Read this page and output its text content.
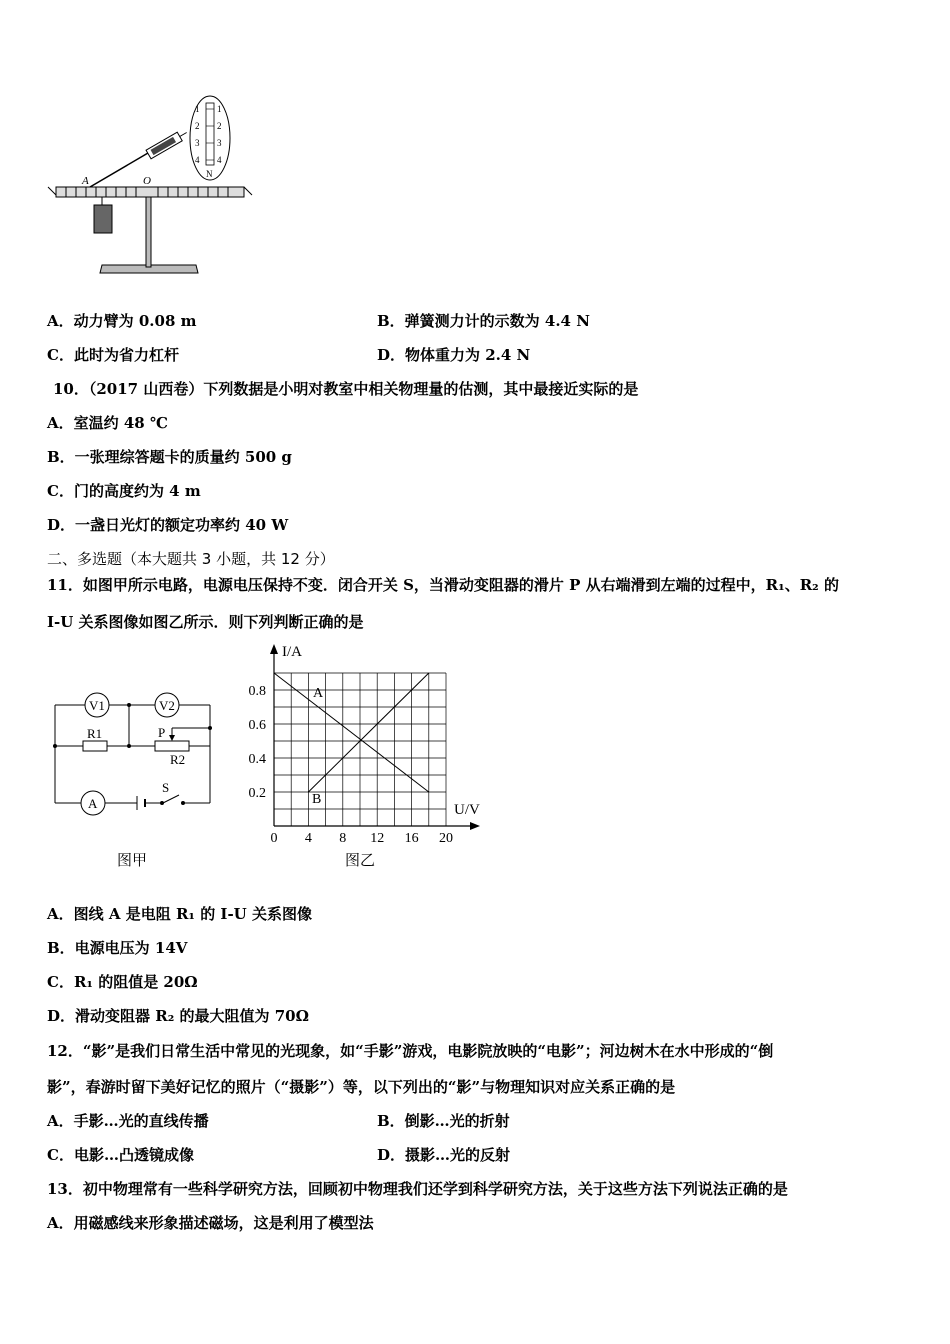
1
2
3
4
1
2
3
4
N
A	O
A．动力臂为 0.08 m	B．弹簧测力计的示数为 4.4 N
C．此时为省力杠杆	D．物体重力为 2.4 N
10．（2017 山西卷）下列数据是小明对教室中相关物理量的估测，其中最接近实际的是
A．室温约 48 ℃
B．一张理综答题卡的质量约 500 g
C．门的高度约为 4 m
D．一盏日光灯的额定功率约 40 W
二、多选题（本大题共 3 小题，共 12 分）
11．如图甲所示电路，电源电压保持不变．闭合开关 S，当滑动变阻器的滑片 P 从右端滑到左端的过程中，R₁、R₂ 的
I-U 关系图像如图乙所示．则下列判断正确的是
V1	V2
A
R1
R2
P
S
图甲
0 4 8 12 16 20
0.2
0.4
0.6
0.8
I/A
U/V
A
B
图乙
A．图线 A 是电阻 R₁ 的 I-U 关系图像
B．电源电压为 14V
C．R₁ 的阻值是 20Ω
D．滑动变阻器 R₂ 的最大阻值为 70Ω
12．“影”是我们日常生活中常见的光现象，如“手影”游戏，电影院放映的“电影”；河边树木在水中形成的“倒
影”，春游时留下美好记忆的照片（“摄影”）等，以下列出的“影”与物理知识对应关系正确的是
A．手影…光的直线传播	B．倒影…光的折射
C．电影…凸透镜成像	D．摄影…光的反射
13．初中物理常有一些科学研究方法，回顾初中物理我们还学到科学研究方法，关于这些方法下列说法正确的是
A．用磁感线来形象描述磁场，这是利用了模型法
